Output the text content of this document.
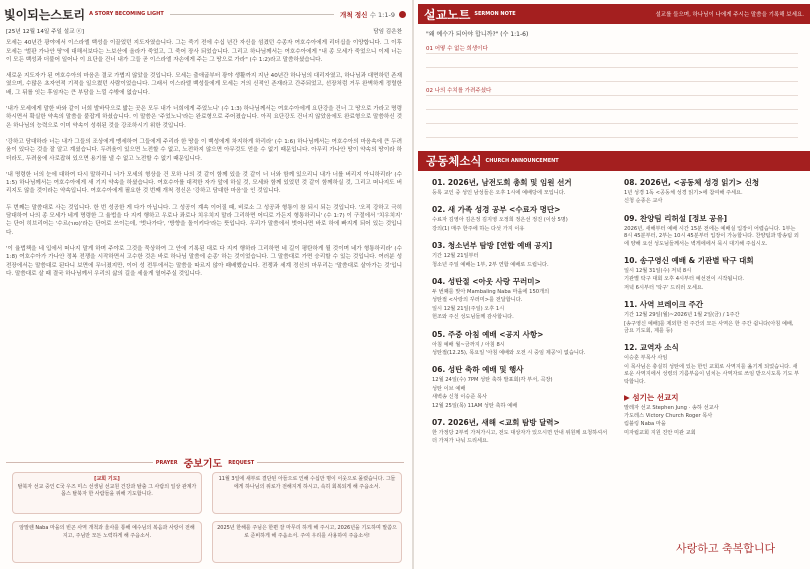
빛이되는스토리 A STORY BECOMING LIGHT	개척 정신 수 1:1-9
[25년 12월 14일 주일 설교 ⓔ]	담임 김은찬

모세는 40년간 광야에서 이스라엘 백성을 이끌었던 지도자였습니다. 그는 죽기 전에 수십 년간 자신을 섬겼던 수종자 여호수아에게 리더십을 이양합니다. 그 이후 모세는 '벌판 가나안 땅'에 대해서보다는 느보산에 올라가 죽었고, 그 죽어 장사 되었습니다. 그리고 하나님께서는 여호수아에게 "내 종 모세가 죽었으니 이제 너는 이 모든 백성과 더불어 일어나 이 요단을 건너 내가 그들 곧 이스라엘 자손에게 주는 그 땅으로 가라" (수 1:2)라고 말씀하셨습니다.

새로운 지도자가 된 여호수아의 마음은 결코 가볍지 않았을 것입니다. 모세는 출애굽부터 광야 생활까지 지난 40년간 하나님의 대리자였고, 하나님과 대면하던 존재였으며, 수많은 초자연적 기적을 일으켰던 사람이었습니다. 그래서 이스라엘 백성들에게 모세는 거의 신적인 존재라고 간주되었고, 선장처럼 거두 완벽하게 정렬한 배, 그 뒤를 잇는 후임자는 큰 부담을 느낄 수밖에 없습니다.

'내가 모세에게 말한 바와 같이 너희 발바닥으로 밟는 곳은 모두 내가 너희에게 주었노니' (수 1:3) 하나님께서는 여호수아에게 요단강을 건너 그 땅으로 가라고 명령하시면서 확실한 약속의 말씀을 붙잡게 하셨습니다. 이 말씀은 '주었노니'라는 완료형으로 주어졌습니다. 아직 요단강도 건너지 않았음에도 완료형으로 말씀하신 것은 하나님의 능력으로 이미 약속이 성취된 것을 강조하시기 위한 것입니다.

'강하고 담대하라 너는 내가 그들의 조상에게 맹세하여 그들에게 주리라 한 땅을 이 백성에게 차지하게 하리라' (수 1:6) 하나님께서는 여호수아의 마음속에 큰 두려움이 있다는 것을 잘 알고 계셨습니다. 두려움이 있으면 노전할 수 없고, 노전하지 않으면 아무것도 얻을 수 없기 때문입니다. 아무리 가나안 땅이 약속의 땅이라 하더라도, 두려움에 사로잡혀 있으면 용기를 낼 수 없고 노전할 수 없기 때문입니다.

'내 명령한 너의 눈에 대하여 다시 말하리니 너가 모세의 형상을 건 모하 나의 것 같이 함께 있을 것 같이 너 너와 함께 있으리니 내가 너를 버리지 아니하리라' (수 1:5) 하나님께서는 여호수아에게 새 기지 약속을 하셨습니다. 여호수아를 대적한 자가 앞에 하실 것, 모세와 함께 있었던 것 같이 함께하실 것, 그리고 떠나지도 버리지도 않을 것이라는 약속입니다. 여호수아에게 필요한 것 번째 개척 정신은 '강하고 담대한 마음'을 인 것입니다.

두 번째는 말씀대로 사는 것입니다. 한 번 성공한 게 다가 아닙니다. 그 성공이 계속 이어질 때, 비로소 그 성공과 형통이 참 되시 되는 것입니다. '오직 강하고 극히 담대하여 나의 종 모세가 네게 명령한 그 율법을 다 지켜 행하고 우로나 좌로나 치우치지 말라 그리하면 어디로 가든지 형통하리니' (수 1:7) 이 구절에서 '치우치지' 는 단어 히브리어는 '수르(סור)'라는 단어로 쓰이는데, '벗나가다', '방향을 돌이키다'라는 뜻입니다. 우리가 말씀에서 벗어나면 바로 하에 빠지게 되어 있는 것입니다.

'이 율법책을 네 입에서 떠나지 말게 하며 주야로 그것을 묵상하여 그 안에 기록된 대로 다 지켜 행하라 그리하면 네 길이 평탄하게 될 것이며 네가 형통하리라' (수 1:8) 여호수아가 가나안 정복 전쟁을 시작하면서 고수한 것은 바로 하나님 말씀에 순종' 하는 것이었습니다. 그 말씀대로 가면 승리할 수 있는 것입니다. 여러분 성 전장에서는 말씀대로 된다니 보면에 무너졌지만, 이어 성 전투에서는 말씀을 따르지 않아 패배했습니다. 전쟁과 세계 정신의 마무리는 '말씀대로 살아가는 것'입니다. 말씀대로 살 때 결국 하나님께서 우리의 삶의 길을 세울게 열어주실 것입니다.

PRAYER 중보기도 REQUEST
[교회 기도]
탈북자 선교 중인 C국 우즈 미스 선생님 선교원 건강과 탈출 그 사람의 일상 관계가 몹스 탈북자 한 사람들을 위해 기도합니다.
11월 3일에 새부로 결단된 아들으로 인해 수십만 명이 이웃으로 몰렸습니다. 그들에게 하나님의 위로가 전해지게 하시고, 속히 회복되게 해 주옵소서.
암말렌 Naba 마을의 빈곤 사역 개척과 울사를 통해 예수님의 복음과 사랑이 전해지고, 주님만 모든 노력하게 해 주옵소서.
2025년 한해를 주님은 한편 잘 마무리 하게 해 주시고, 2026년을 기도하며 말씀으로 준비하게 해 주옵소서. 주여 우리를 사용하여 주옵소서!
설교노트 SERMON NOTE	설교를 들으며, 하나님이 나에게 주시는 말씀을 기록해 보세요.
"왜 예수가 되어야 합니까?" (수 1:1-6)
01 어떻 수 없는 희생이다
02 나의 수치를 가려주셨다
공동체소식 CHURCH ANNOUNCEMENT
01. 2026년, 남전도회 총회 및 임원 선거

등록 교인 중 성인 남성들은 오후 1시에 예배당에 모입니다.

02. 새 가족 성경 공부 <수료자 명단>

수료자 김영아 김은정 김지영 오정희 정은선 정진 (이상 5명)

강의(1) 매주 한주에 하는 다섯 가지 이유

03. 청소년부 탐방 [연합 예배 공지]

기간 12월 21일부터

청소년 주일 예배는 1부, 2부 연합 예배로 드립니다.

04. 성탄절 <아웃 사랑 꾸러미>

두 번째를 맞아 Mambaling Naba 마을에 150개의

성탄절 <사랑의 꾸러미>를 전달합니다.

일시 12월 21일(주일) 오후 1시

헌조와 주신 성도님들께 감사합니다.

05. 주중 아침 예배 <공지 사항>

아침 예배 월~금까지 / 아침 8시

성탄절(12.25), 목요일 '아침 예배와 오전 시 중임 제공'이 없습니다.

06. 성탄 축하 예배 및 행사

12월 24일(수) 7PM 성탄 축하 발표회(각 부서, 곡장)

성탄 이브 예배

새벽송 신청 이승준 목사

12월 25일(목) 11AM 성탄 축하 예배

07. 2026년, 새해 <교회 탐방 달력>

한 가정당 2부씩 가져가시고, 전도 대상자가 있으시면 안내 위원께 요청하셔서 더 가져가 나눠 드리세요.

08. 2026년, <공동체 성경 읽기> 신청

1년 성경 1독 <공동체 성경 읽기>에 참여해 주세요.

신청 순종은 교사

09. 찬양팀 리허설 [정보 공유]

2026년, 새해부터 예배 시간 15분 전에는 예배실 입장이 어렵습니다. 1부는 8시 45분부터, 2부는 10시 45분부터 입장이 가능합니다. 찬양팀과 방송팀 외에 양해 요선 성도님들께서는 벽게에에서 묵시 대기해 주십시오.

10. 송구영신 예배 & 기관별 탁구 대회

일시 12월 31일(수) 저녁 8시

기관별 탁구 대회 오후 4시부터 예선전이 시작됩니다.

저녁 6시부터 '탁구' 드리러 오세요.

11. 사역 브레이크 주간

기간 12월 29일(월)~2026년 1월 2일(금) / 1주간

[송구영신 예배]를 제외한 전 주간의 모든 사역은 한 주간 쉽니다(아침 예배, 금요 기도회, 제를 등)

12. 교역자 소식

이승훈 부목사 사임

이 목사님은 충실히 성탄에 있는 한인 교회로 사역지를 옮기게 되었습니다. 새로운 사역지에서 성령의 기름부음이 넘치는 사역자로 쓰임 받으시도록 기도 부탁합니다.

▶ 섬기는 선교지

말레자 선교 Stephen Jung · 송하 선교사

가도레스 Victory Church Roger 목사

림블링 Naba 마을

미자립교회 지원 진안 미관 교회

사랑하고 축복합니다
